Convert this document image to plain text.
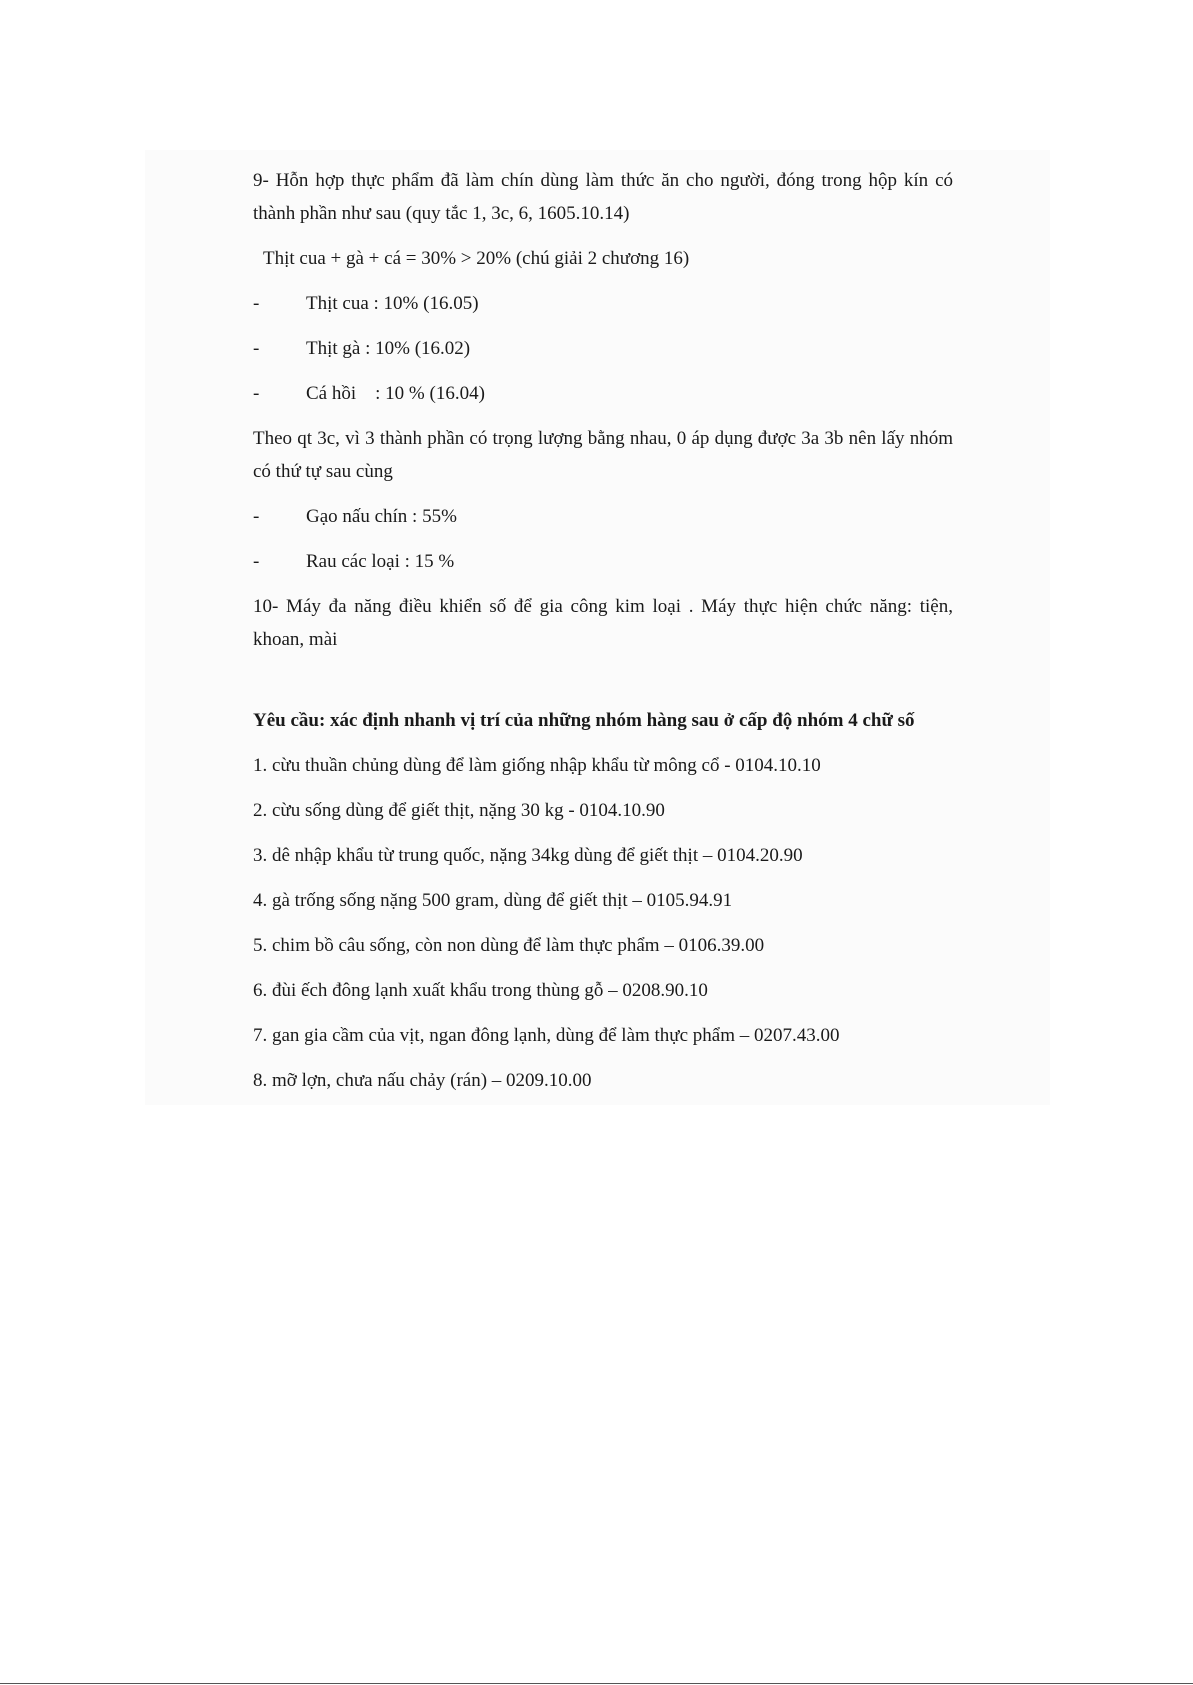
9- Hỗn hợp thực phẩm đã làm chín dùng làm thức ăn cho người, đóng trong hộp kín có thành phần như sau (quy tắc 1, 3c, 6, 1605.10.14)

Thịt cua + gà + cá = 30% > 20% (chú giải 2 chương 16)

-	Thịt cua : 10% (16.05)
-	Thịt gà : 10% (16.02)
-	Cá hồi    : 10 % (16.04)

Theo qt 3c, vì 3 thành phần có trọng lượng bằng nhau, 0 áp dụng được 3a 3b nên lấy nhóm có thứ tự sau cùng

-	Gạo nấu chín : 55%
-	Rau các loại : 15 %

10- Máy đa năng điều khiển số để gia công kim loại . Máy thực hiện chức năng: tiện, khoan, mài

Yêu cầu: xác định nhanh vị trí của những nhóm hàng sau ở cấp độ nhóm 4 chữ số

1. cừu thuần chủng dùng để làm giống nhập khẩu từ mông cổ - 0104.10.10

2. cừu sống dùng để giết thịt, nặng 30 kg - 0104.10.90

3. dê nhập khẩu từ trung quốc, nặng 34kg dùng để giết thịt – 0104.20.90

4. gà trống sống nặng 500 gram, dùng để giết thịt – 0105.94.91

5. chim bồ câu sống, còn non dùng để làm thực phẩm – 0106.39.00

6. đùi ếch đông lạnh xuất khẩu trong thùng gỗ – 0208.90.10

7. gan gia cầm của vịt, ngan đông lạnh, dùng để làm thực phẩm – 0207.43.00

8. mỡ lợn, chưa nấu chảy (rán) – 0209.10.00
